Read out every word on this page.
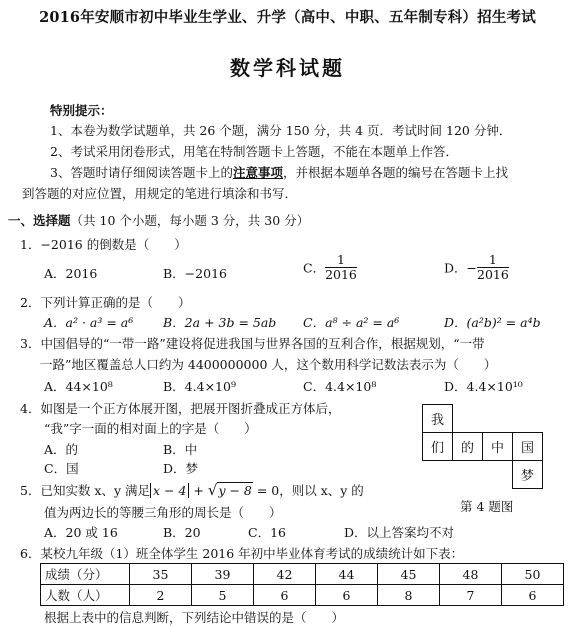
2016年安顺市初中毕业生学业、升学（高中、中职、五年制专科）招生考试
数学科试题
特别提示：
1、本卷为数学试题单，共 26 个题，满分 150 分，共 4 页．考试时间 120 分钟．
2、考试采用闭卷形式，用笔在特制答题卡上答题，不能在本题单上作答．
3、答题时请仔细阅读答题卡上的注意事项，并根据本题单各题的编号在答题卡上找
到答题的对应位置，用规定的笔进行填涂和书写．
一、选择题（共 10 个小题，每小题 3 分，共 30 分）
1．−2016 的倒数是（　　）
A．2016	B．−2016	C． $\frac{1}{2016}$	D．− $\frac{1}{2016}$
2．下列计算正确的是（　　）
A．a² · a³ = a⁶ B．2a + 3b = 5ab C．a⁸ ÷ a² = a⁶	D．(a²b)² = a⁴b
3．中国倡导的“一带一路”建设将促进我国与世界各国的互利合作，根据规划，“一带
一路”地区覆盖总人口约为 4400000000 人，这个数用科学记数法表示为（　　）
A．44×10⁸	B．4.4×10⁹	C．4.4×10⁸	D．4.4×10¹⁰
4．如图是一个正方体展开图，把展开图折叠成正方体后，
“我”字一面的相对面上的字是（　　）
A．的	B．中
C．国	D．梦
我
们	的	中	国
梦
第 4 题图
5．已知实数 x、y 满足 x − 4 + √y − 8 = 0，则以 x、y 的
值为两边长的等腰三角形的周长是（　　）
A．20 或 16	B．20	C．16	D．以上答案均不对
6．某校九年级（1）班全体学生 2016 年初中毕业体育考试的成绩统计如下表：
成绩（分）	35	39	42	44	45	48	50
人数（人）	2	5	6	6	8	7	6
根据上表中的信息判断，下列结论中错误的是（　　）
